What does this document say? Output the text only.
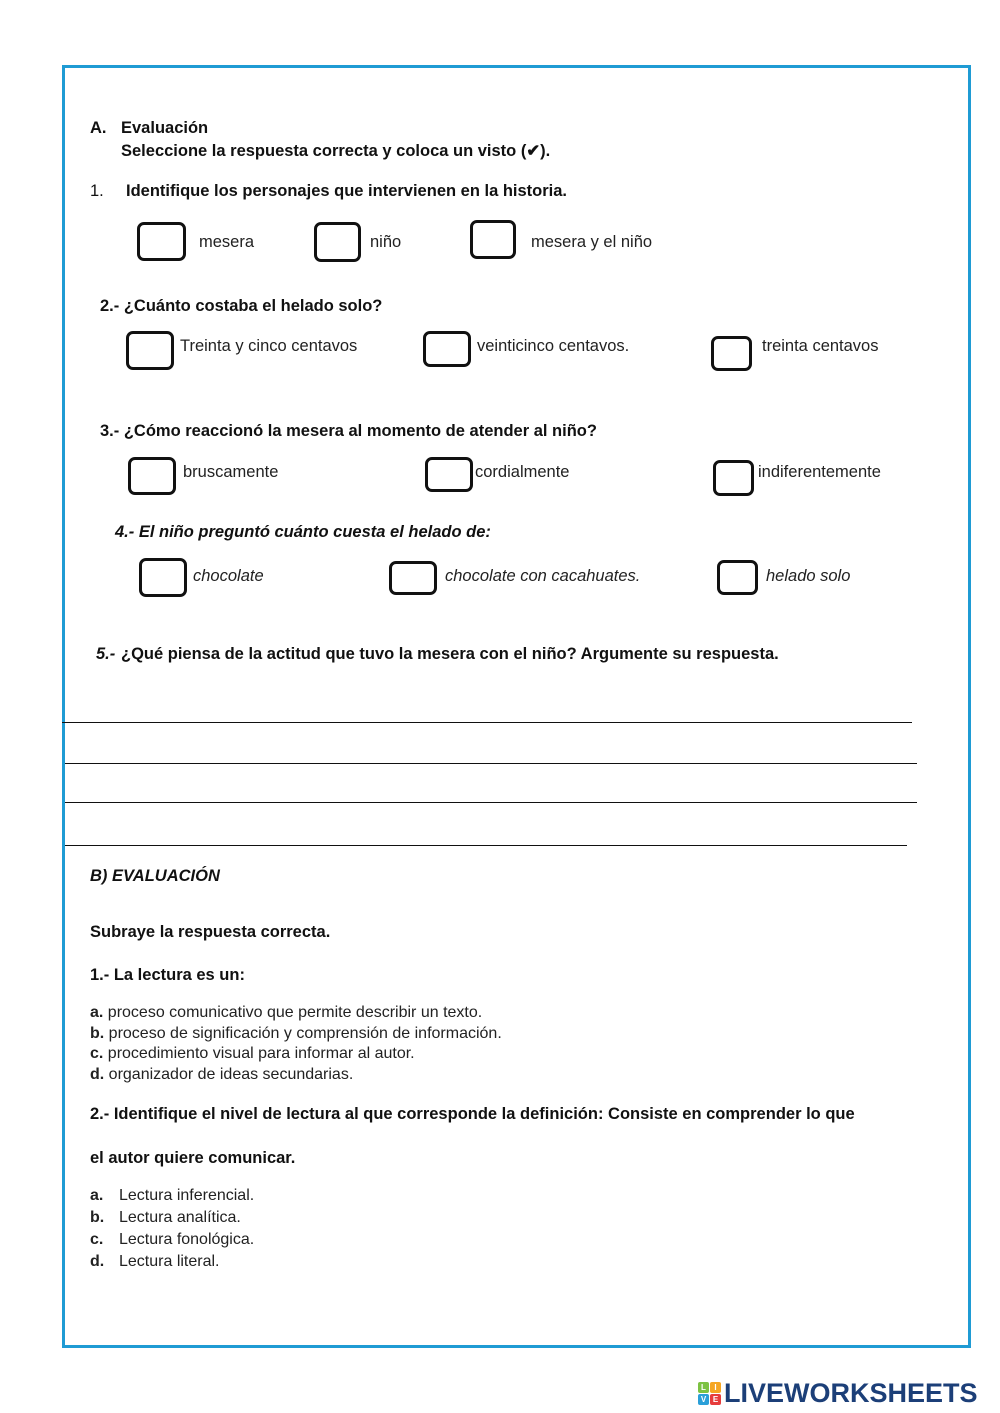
A. Evaluación
Seleccione la respuesta correcta y coloca un visto (✔).
1. Identifique los personajes que intervienen en la historia.
mesera	niño	mesera y el niño
2.- ¿Cuánto costaba el helado solo?
Treinta y cinco centavos	veinticinco centavos.	treinta centavos
3.- ¿Cómo reaccionó la mesera al momento de atender al niño?
bruscamente	cordialmente	indiferentemente
4.- El niño preguntó cuánto cuesta el helado de:
chocolate	chocolate con cacahuates.	helado solo
5.- ¿Qué piensa de la actitud que tuvo la mesera con el niño? Argumente su respuesta.
B) EVALUACIÓN
Subraye la respuesta correcta.
1.- La lectura es un:
a. proceso comunicativo que permite describir un texto.
b. proceso de significación y comprensión de información.
c. procedimiento visual para informar al autor.
d. organizador de ideas secundarias.
2.- Identifique el nivel de lectura al que corresponde la definición: Consiste en comprender lo que
el autor quiere comunicar.
a. Lectura inferencial.
b. Lectura analítica.
c. Lectura fonológica.
d. Lectura literal.
L	I
V E LIVEWORKSHEETS
